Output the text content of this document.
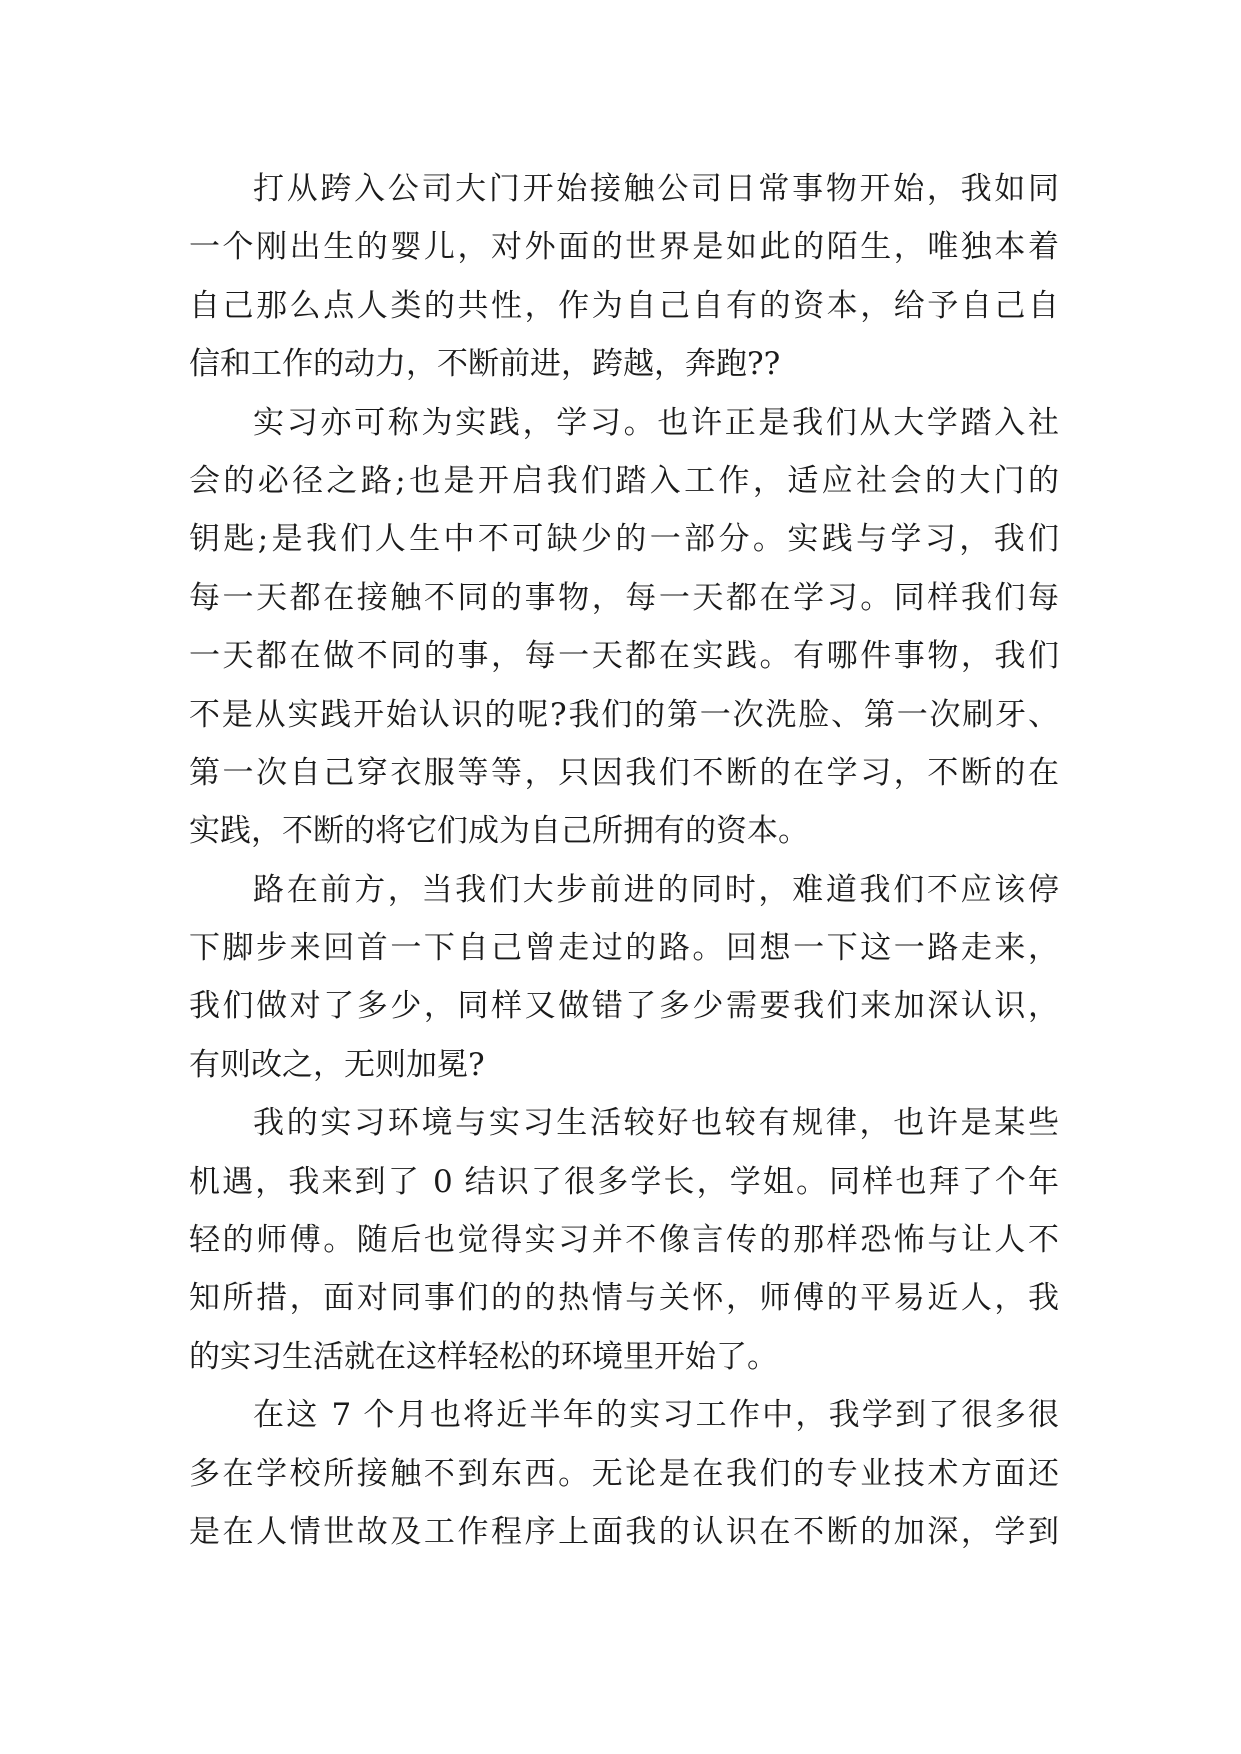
打从跨入公司大门开始接触公司日常事物开始，我如同
一个刚出生的婴儿，对外面的世界是如此的陌生，唯独本着
自己那么点人类的共性，作为自己自有的资本，给予自己自
信和工作的动力，不断前进，跨越，奔跑??
实习亦可称为实践，学习。也许正是我们从大学踏入社
会的必径之路;也是开启我们踏入工作，适应社会的大门的
钥匙;是我们人生中不可缺少的一部分。实践与学习，我们
每一天都在接触不同的事物，每一天都在学习。同样我们每
一天都在做不同的事，每一天都在实践。有哪件事物，我们
不是从实践开始认识的呢?我们的第一次洗脸、第一次刷牙、
第一次自己穿衣服等等，只因我们不断的在学习，不断的在
实践，不断的将它们成为自己所拥有的资本。
路在前方，当我们大步前进的同时，难道我们不应该停
下脚步来回首一下自己曾走过的路。回想一下这一路走来，
我们做对了多少，同样又做错了多少需要我们来加深认识，
有则改之，无则加冕?
我的实习环境与实习生活较好也较有规律，也许是某些
机遇，我来到了 0 结识了很多学长，学姐。同样也拜了个年
轻的师傅。随后也觉得实习并不像言传的那样恐怖与让人不
知所措，面对同事们的的热情与关怀，师傅的平易近人，我
的实习生活就在这样轻松的环境里开始了。
在这 7 个月也将近半年的实习工作中，我学到了很多很
多在学校所接触不到东西。无论是在我们的专业技术方面还
是在人情世故及工作程序上面我的认识在不断的加深，学到
